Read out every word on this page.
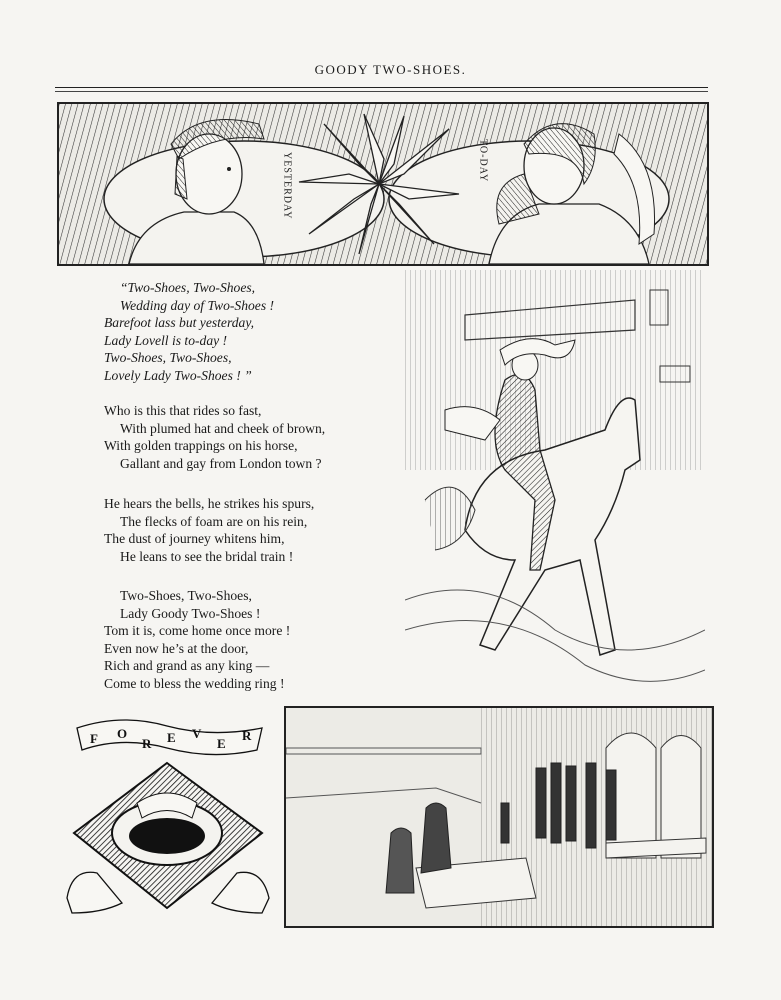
GOODY TWO-SHOES.
YESTERDAY	TO-DAY
“Two-Shoes, Two-Shoes,
Wedding day of Two-Shoes !
Barefoot lass but yesterday,
Lady Lovell is to-day !
Two-Shoes, Two-Shoes,
Lovely Lady Two-Shoes ! ”
Who is this that rides so fast,
With plumed hat and cheek of brown,
With golden trappings on his horse,
Gallant and gay from London town ?
He hears the bells, he strikes his spurs,
The flecks of foam are on his rein,
The dust of journey whitens him,
He leans to see the bridal train !
Two-Shoes, Two-Shoes,
Lady Goody Two-Shoes !
Tom it is, come home once more !
Even now he’s at the door,
Rich and grand as any king —
Come to bless the wedding ring !
F O
R E V
E
R
